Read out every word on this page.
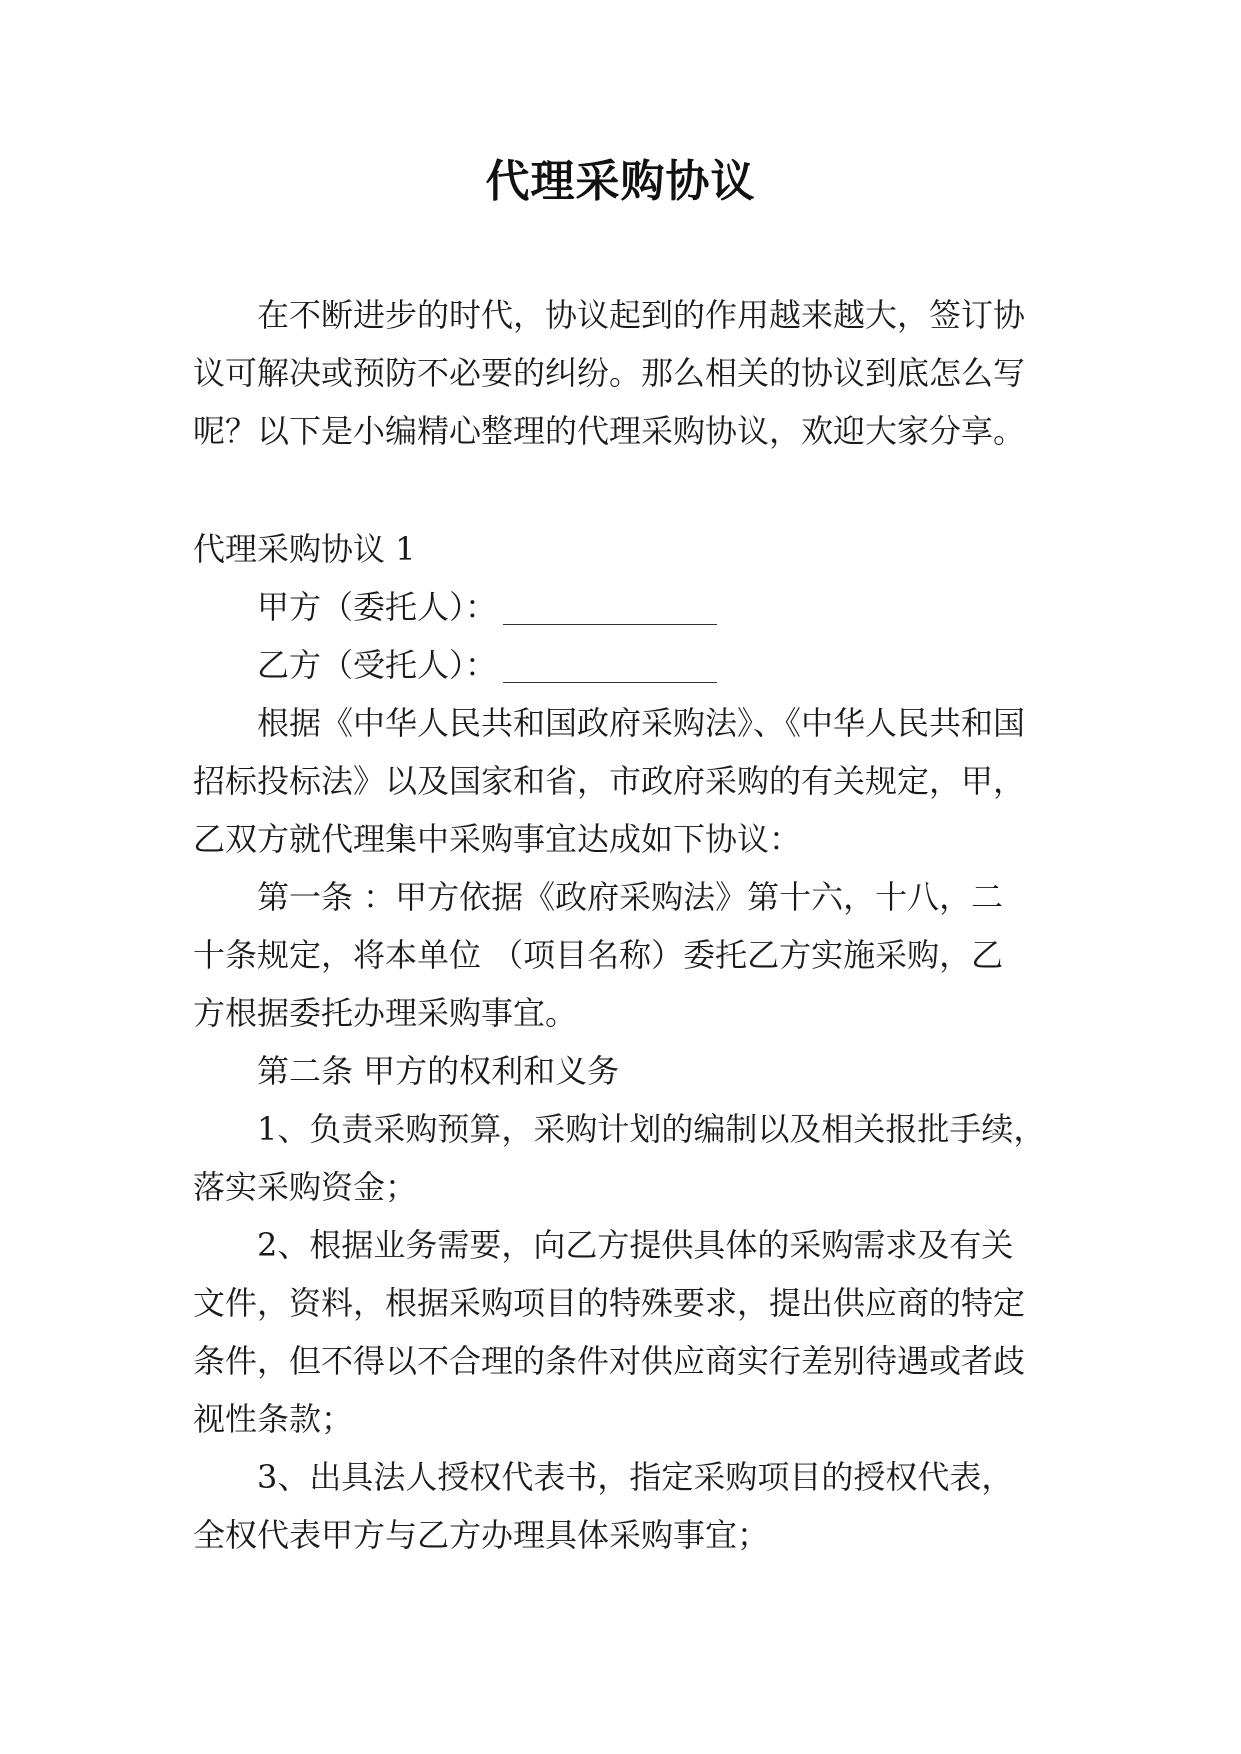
代理采购协议
在不断进步的时代，协议起到的作用越来越大，签订协
议可解决或预防不必要的纠纷。那么相关的协议到底怎么写
呢？以下是小编精心整理的代理采购协议，欢迎大家分享。
代理采购协议 1
甲方（委托人）：
乙方（受托人）：
根据《中华人民共和国政府采购法》、《中华人民共和国
招标投标法》以及国家和省，市政府采购的有关规定，甲，
乙双方就代理集中采购事宜达成如下协议：
第一条 ：甲方依据《政府采购法》第十六，十八，二
十条规定，将本单位 （项目名称）委托乙方实施采购，乙
方根据委托办理采购事宜。
第二条 甲方的权利和义务
1、负责采购预算，采购计划的编制以及相关报批手续，
落实采购资金；
2、根据业务需要，向乙方提供具体的采购需求及有关
文件，资料，根据采购项目的特殊要求，提出供应商的特定
条件，但不得以不合理的条件对供应商实行差别待遇或者歧
视性条款；
3、出具法人授权代表书，指定采购项目的授权代表，
全权代表甲方与乙方办理具体采购事宜；
